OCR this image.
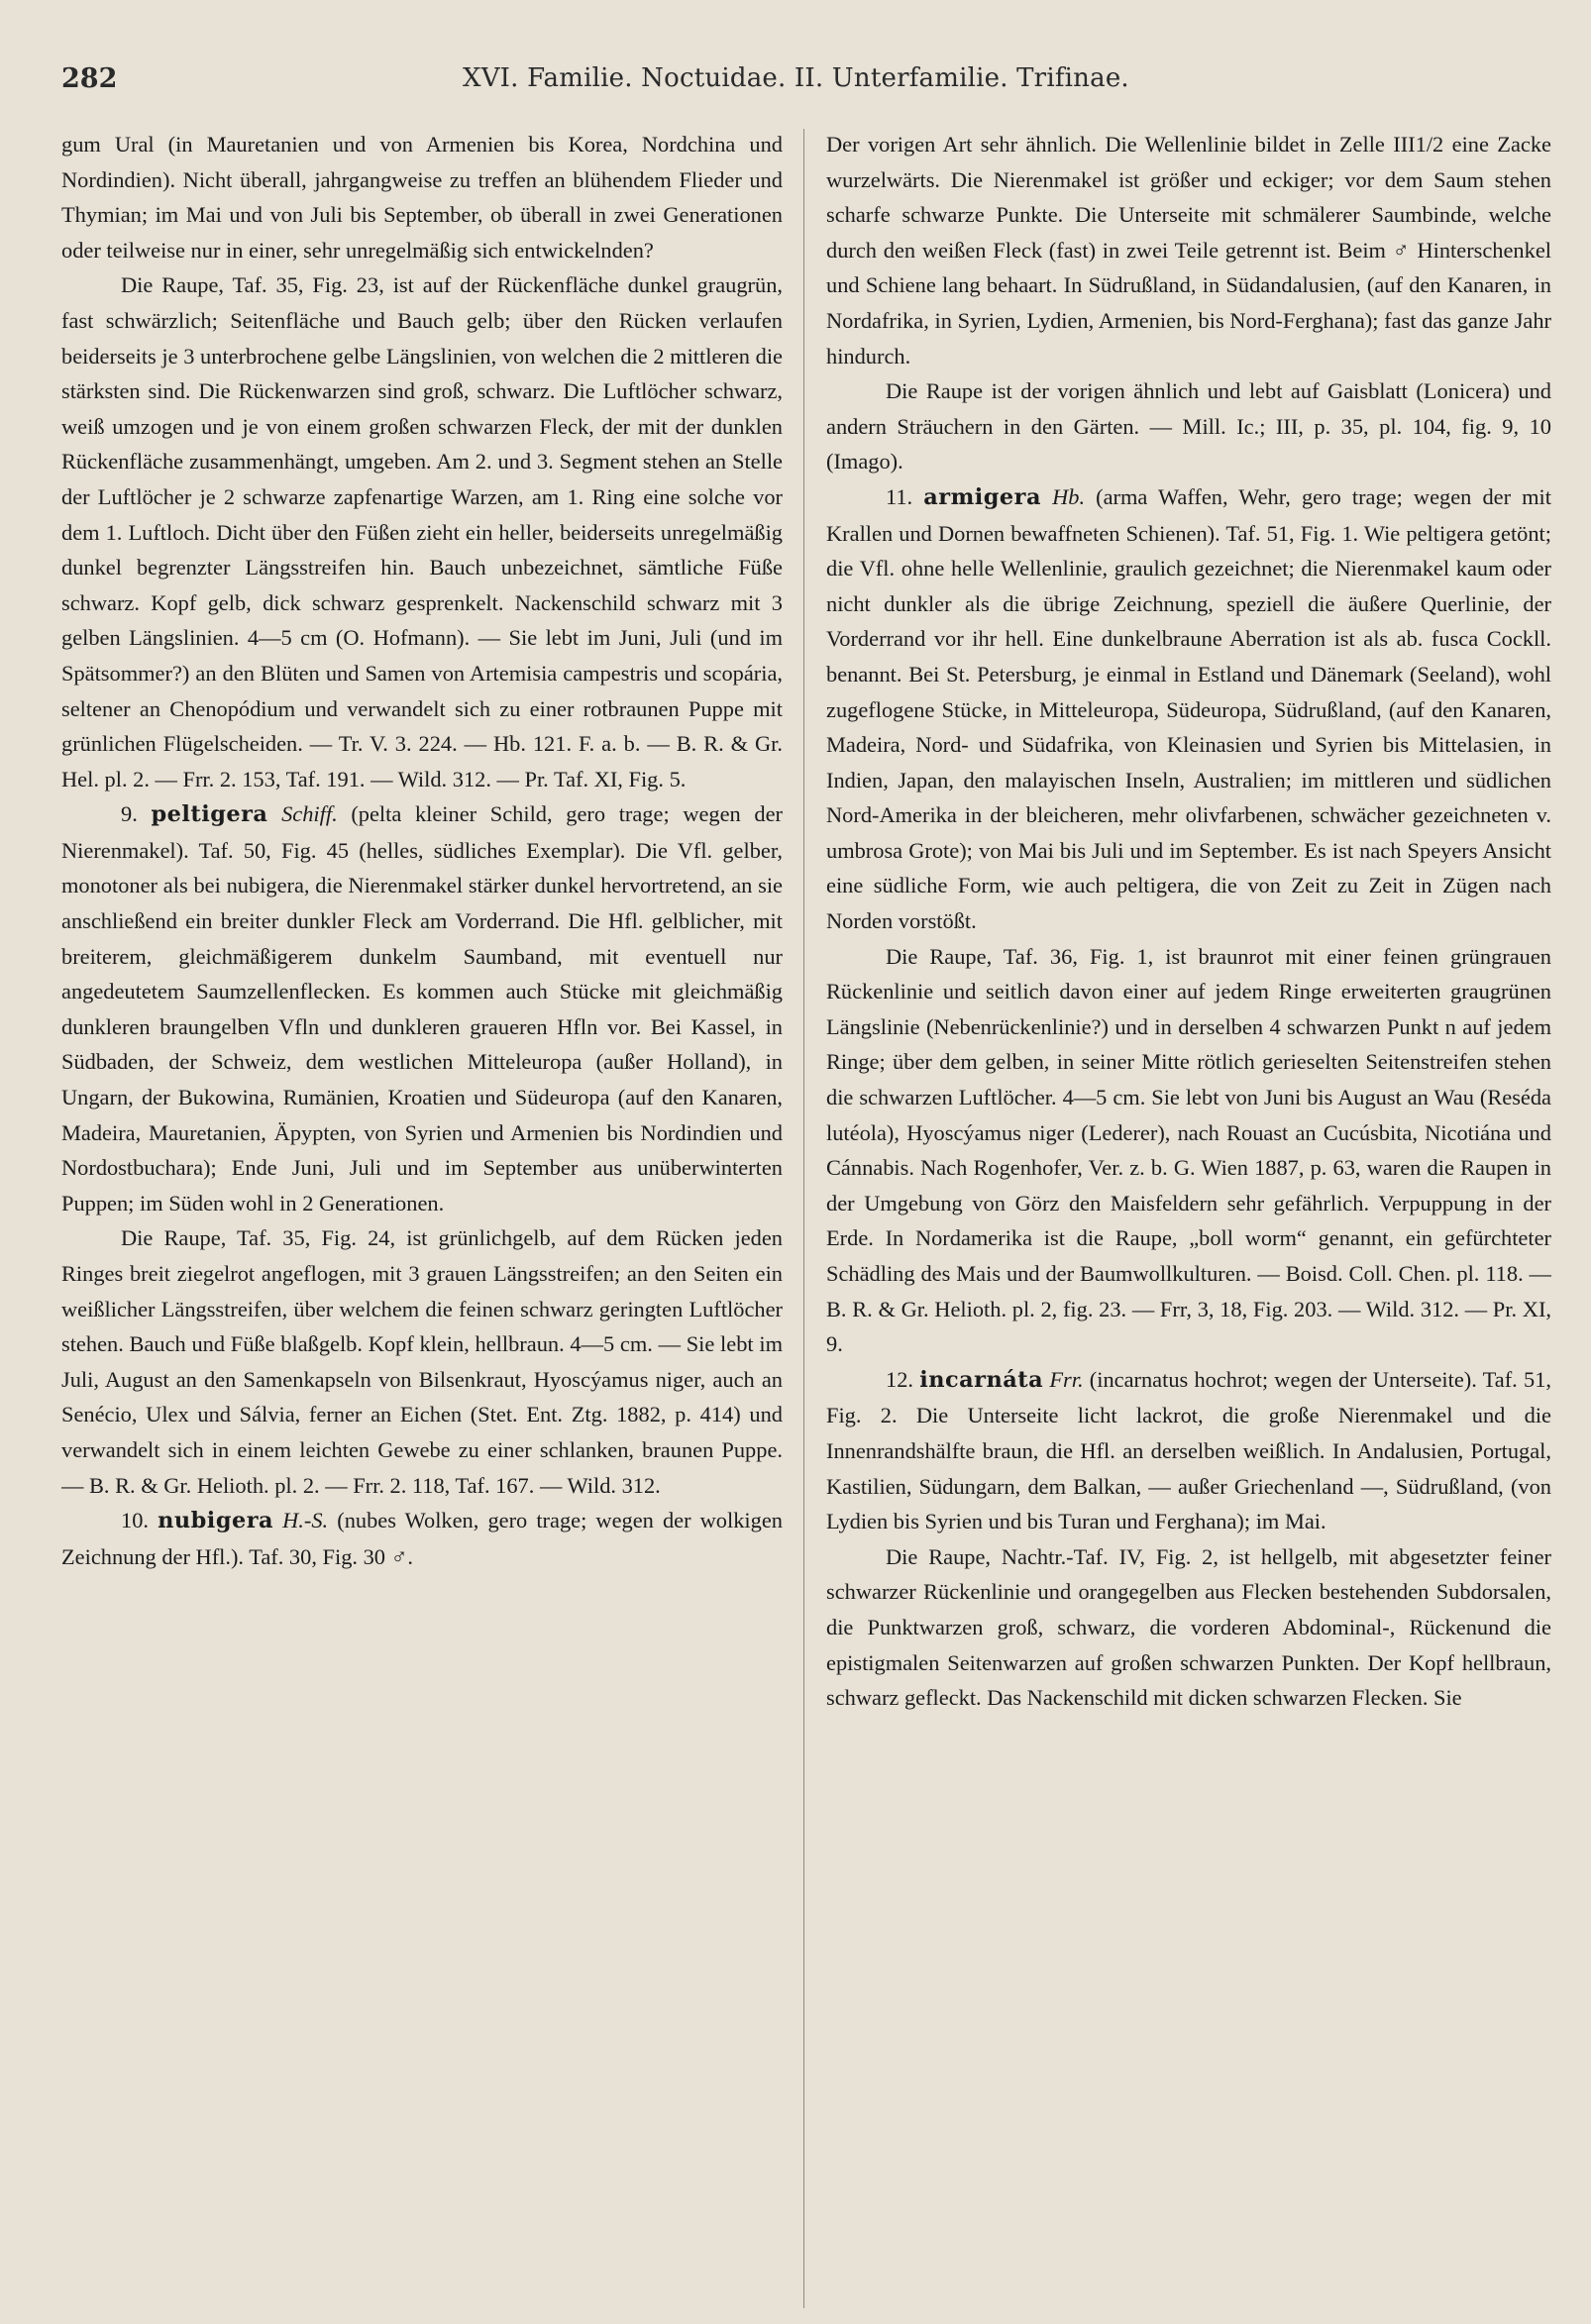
282	XVI. Familie. Noctuidae. II. Unterfamilie. Trifinae.

gum Ural (in Mauretanien und von Armenien bis Korea, Nordchina und Nordindien). Nicht überall, jahrgangweise zu treffen an blühendem Flieder und Thymian; im Mai und von Juli bis September, ob überall in zwei Generationen oder teilweise nur in einer, sehr unregelmäßig sich entwickelnden?

Die Raupe, Taf. 35, Fig. 23, ist auf der Rückenfläche dunkel graugrün, fast schwärzlich; Seitenfläche und Bauch gelb; über den Rücken verlaufen beiderseits je 3 unterbrochene gelbe Längslinien, von welchen die 2 mittleren die stärksten sind. Die Rückenwarzen sind groß, schwarz. Die Luftlöcher schwarz, weiß umzogen und je von einem großen schwarzen Fleck, der mit der dunklen Rückenfläche zusammenhängt, umgeben. Am 2. und 3. Segment stehen an Stelle der Luftlöcher je 2 schwarze zapfenartige Warzen, am 1. Ring eine solche vor dem 1. Luftloch. Dicht über den Füßen zieht ein heller, beiderseits unregelmäßig dunkel begrenzter Längsstreifen hin. Bauch unbezeichnet, sämtliche Füße schwarz. Kopf gelb, dick schwarz gesprenkelt. Nackenschild schwarz mit 3 gelben Längslinien. 4—5 cm (O. Hofmann). — Sie lebt im Juni, Juli (und im Spätsommer?) an den Blüten und Samen von Artemisia campestris und scopária, seltener an Chenopódium und verwandelt sich zu einer rotbraunen Puppe mit grünlichen Flügelscheiden. — Tr. V. 3. 224. — Hb. 121. F. a. b. — B. R. & Gr. Hel. pl. 2. — Frr. 2. 153, Taf. 191. — Wild. 312. — Pr. Taf. XI, Fig. 5.

9. peltigera Schiff. (pelta kleiner Schild, gero trage; wegen der Nierenmakel). Taf. 50, Fig. 45 (helles, südliches Exemplar). Die Vfl. gelber, monotoner als bei nubigera, die Nierenmakel stärker dunkel hervortretend, an sie anschließend ein breiter dunkler Fleck am Vorderrand. Die Hfl. gelblicher, mit breiterem, gleichmäßigerem dunkelm Saumband, mit eventuell nur angedeutetem Saumzellenflecken. Es kommen auch Stücke mit gleichmäßig dunkleren braungelben Vfln und dunkleren graueren Hfln vor. Bei Kassel, in Südbaden, der Schweiz, dem westlichen Mitteleuropa (außer Holland), in Ungarn, der Bukowina, Rumänien, Kroatien und Südeuropa (auf den Kanaren, Madeira, Mauretanien, Äpypten, von Syrien und Armenien bis Nordindien und Nordostbuchara); Ende Juni, Juli und im September aus unüberwinterten Puppen; im Süden wohl in 2 Generationen.

Die Raupe, Taf. 35, Fig. 24, ist grünlichgelb, auf dem Rücken jeden Ringes breit ziegelrot angeflogen, mit 3 grauen Längsstreifen; an den Seiten ein weißlicher Längsstreifen, über welchem die feinen schwarz geringten Luftlöcher stehen. Bauch und Füße blaßgelb. Kopf klein, hellbraun. 4—5 cm. — Sie lebt im Juli, August an den Samenkapseln von Bilsenkraut, Hyoscýamus niger, auch an Senécio, Ulex und Sálvia, ferner an Eichen (Stet. Ent. Ztg. 1882, p. 414) und verwandelt sich in einem leichten Gewebe zu einer schlanken, braunen Puppe. — B. R. & Gr. Helioth. pl. 2. — Frr. 2. 118, Taf. 167. — Wild. 312.

10. nubigera H.-S. (nubes Wolken, gero trage; wegen der wolkigen Zeichnung der Hfl.). Taf. 30, Fig. 30 ♂.

Der vorigen Art sehr ähnlich. Die Wellenlinie bildet in Zelle III1/2 eine Zacke wurzelwärts. Die Nierenmakel ist größer und eckiger; vor dem Saum stehen scharfe schwarze Punkte. Die Unterseite mit schmälerer Saumbinde, welche durch den weißen Fleck (fast) in zwei Teile getrennt ist. Beim ♂ Hinterschenkel und Schiene lang behaart. In Südrußland, in Südandalusien, (auf den Kanaren, in Nordafrika, in Syrien, Lydien, Armenien, bis Nord-Ferghana); fast das ganze Jahr hindurch.

Die Raupe ist der vorigen ähnlich und lebt auf Gaisblatt (Lonicera) und andern Sträuchern in den Gärten. — Mill. Ic.; III, p. 35, pl. 104, fig. 9, 10 (Imago).

11. armigera Hb. (arma Waffen, Wehr, gero trage; wegen der mit Krallen und Dornen bewaffneten Schienen). Taf. 51, Fig. 1. Wie peltigera getönt; die Vfl. ohne helle Wellenlinie, graulich gezeichnet; die Nierenmakel kaum oder nicht dunkler als die übrige Zeichnung, speziell die äußere Querlinie, der Vorderrand vor ihr hell. Eine dunkelbraune Aberration ist als ab. fusca Cockll. benannt. Bei St. Petersburg, je einmal in Estland und Dänemark (Seeland), wohl zugeflogene Stücke, in Mitteleuropa, Südeuropa, Südrußland, (auf den Kanaren, Madeira, Nord- und Südafrika, von Kleinasien und Syrien bis Mittelasien, in Indien, Japan, den malayischen Inseln, Australien; im mittleren und südlichen Nord-Amerika in der bleicheren, mehr olivfarbenen, schwächer gezeichneten v. umbrosa Grote); von Mai bis Juli und im September. Es ist nach Speyers Ansicht eine südliche Form, wie auch peltigera, die von Zeit zu Zeit in Zügen nach Norden vorstößt.

Die Raupe, Taf. 36, Fig. 1, ist braunrot mit einer feinen grüngrauen Rückenlinie und seitlich davon einer auf jedem Ringe erweiterten graugrünen Längslinie (Nebenrückenlinie?) und in derselben 4 schwarzen Punkt n auf jedem Ringe; über dem gelben, in seiner Mitte rötlich gerieselten Seitenstreifen stehen die schwarzen Luftlöcher. 4—5 cm. Sie lebt von Juni bis August an Wau (Reséda lutéola), Hyoscýamus niger (Lederer), nach Rouast an Cucúsbita, Nicotiána und Cánnabis. Nach Rogenhofer, Ver. z. b. G. Wien 1887, p. 63, waren die Raupen in der Umgebung von Görz den Maisfeldern sehr gefährlich. Verpuppung in der Erde. In Nordamerika ist die Raupe, „boll worm“ genannt, ein gefürchteter Schädling des Mais und der Baumwollkulturen. — Boisd. Coll. Chen. pl. 118. — B. R. & Gr. Helioth. pl. 2, fig. 23. — Frr, 3, 18, Fig. 203. — Wild. 312. — Pr. XI, 9.

12. incarnáta Frr. (incarnatus hochrot; wegen der Unterseite). Taf. 51, Fig. 2. Die Unterseite licht lackrot, die große Nierenmakel und die Innenrandshälfte braun, die Hfl. an derselben weißlich. In Andalusien, Portugal, Kastilien, Südungarn, dem Balkan, — außer Griechenland —, Südrußland, (von Lydien bis Syrien und bis Turan und Ferghana); im Mai.

Die Raupe, Nachtr.-Taf. IV, Fig. 2, ist hellgelb, mit abgesetzter feiner schwarzer Rückenlinie und orangegelben aus Flecken bestehenden Subdorsalen, die Punktwarzen groß, schwarz, die vorderen Abdominal-, Rückenund die epistigmalen Seitenwarzen auf großen schwarzen Punkten. Der Kopf hellbraun, schwarz gefleckt. Das Nackenschild mit dicken schwarzen Flecken. Sie
